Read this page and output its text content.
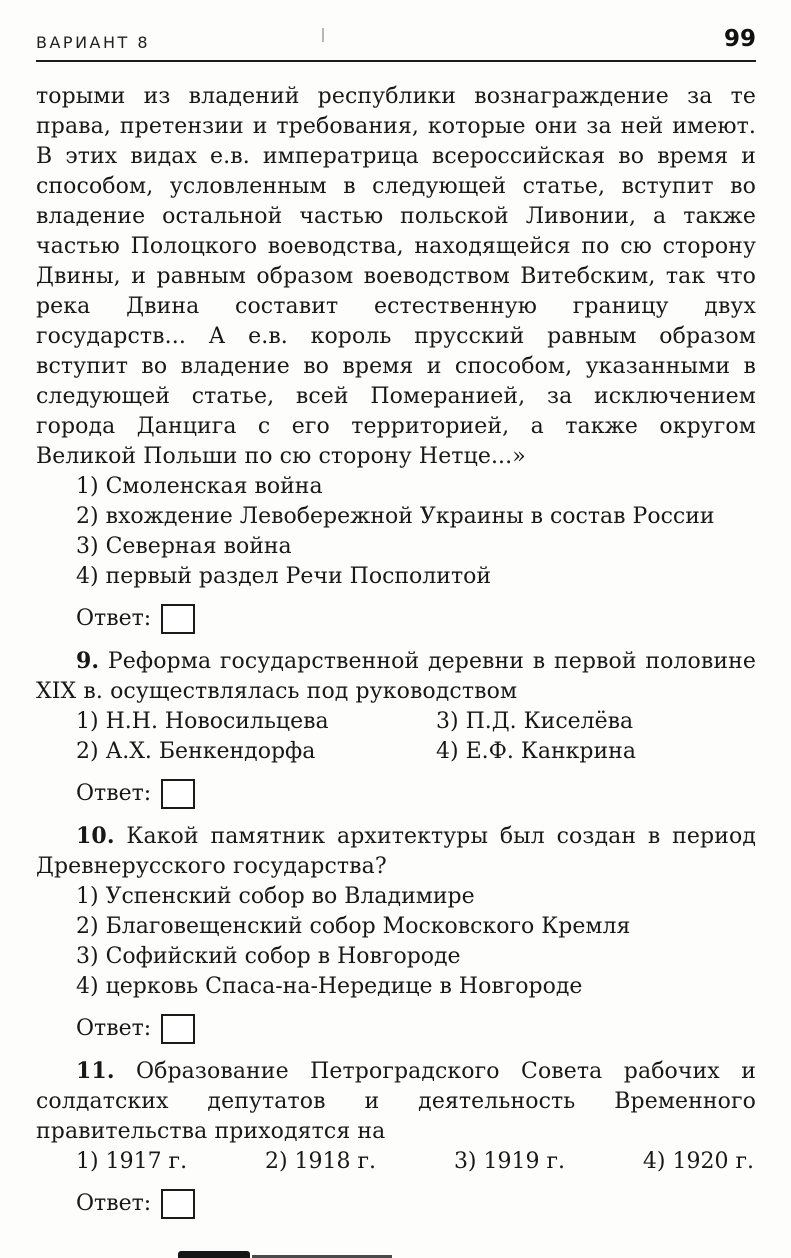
ВАРИАНТ 8	99

торыми из владений республики вознаграждение за те права, претензии и требования, которые они за ней имеют. В этих видах е.в. императрица всероссийская во время и способом, условленным в следующей статье, вступит во владение остальной частью польской Ливонии, а также частью Полоцкого воеводства, находящейся по сю сторону Двины, и равным образом воеводством Витебским, так что река Двина составит естественную границу двух государств... А е.в. король прусский равным образом вступит во владение во время и способом, указанными в следующей статье, всей Померанией, за исключением города Данцига с его территорией, а также округом Великой Польши по сю сторону Нетце...»

1) Смоленская война
2) вхождение Левобережной Украины в состав России
3) Северная война
4) первый раздел Речи Посполитой
Ответ:

9. Реформа государственной деревни в первой половине XIX в. осуществлялась под руководством

1) Н.Н. Новосильцева
2) А.Х. Бенкендорфа
3) П.Д. Киселёва
4) Е.Ф. Канкрина
Ответ:

10. Какой памятник архитектуры был создан в период Древнерусского государства?

1) Успенский собор во Владимире
2) Благовещенский собор Московского Кремля
3) Софийский собор в Новгороде
4) церковь Спаса-на-Нередице в Новгороде
Ответ:

11. Образование Петроградского Совета рабочих и солдатских депутатов и деятельность Временного правительства приходятся на

1) 1917 г.	2) 1918 г.	3) 1919 г.	4) 1920 г.
Ответ:
